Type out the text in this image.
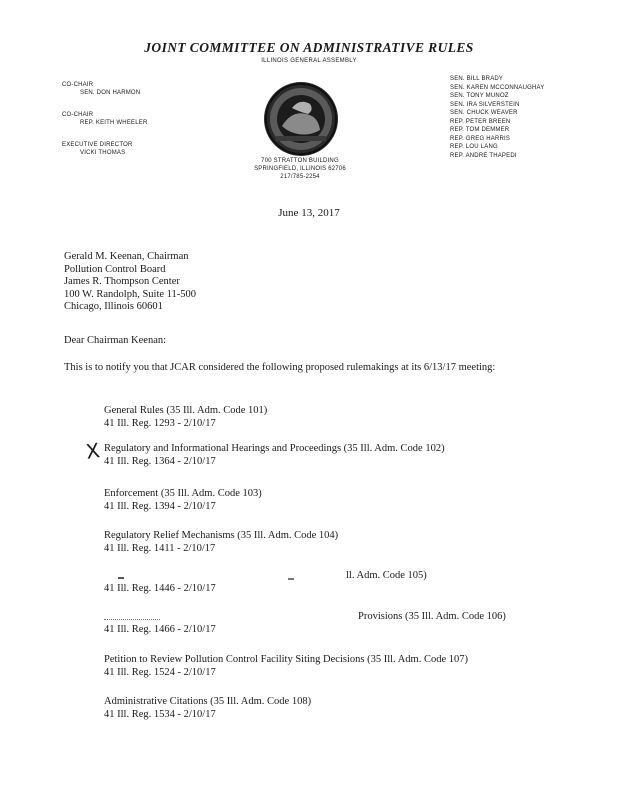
JOINT COMMITTEE ON ADMINISTRATIVE RULES
ILLINOIS GENERAL ASSEMBLY
CO-CHAIR
SEN. DON HARMON
CO-CHAIR
REP. KEITH WHEELER
EXECUTIVE DIRECTOR
VICKI THOMAS
700 STRATTON BUILDING
SPRINGFIELD, ILLINOIS 62706
217/785-2254
SEN. BILL BRADY
SEN. KAREN MCCONNAUGHAY
SEN. TONY MUNOZ
SEN. IRA SILVERSTEIN
SEN. CHUCK WEAVER
REP. PETER BREEN
REP. TOM DEMMER
REP. GREG HARRIS
REP. LOU LANG
REP. ANDRE THAPEDI
June 13, 2017
Gerald M. Keenan, Chairman
Pollution Control Board
James R. Thompson Center
100 W. Randolph, Suite 11-500
Chicago, Illinois 60601
Dear Chairman Keenan:
This is to notify you that JCAR considered the following proposed rulemakings at its 6/13/17 meeting:
General Rules (35 Ill. Adm. Code 101)
41 Ill. Reg. 1293 - 2/10/17
Regulatory and Informational Hearings and Proceedings (35 Ill. Adm. Code 102)
41 Ill. Reg. 1364 - 2/10/17
Enforcement (35 Ill. Adm. Code 103)
41 Ill. Reg. 1394 - 2/10/17
Regulatory Relief Mechanisms (35 Ill. Adm. Code 104)
41 Ill. Reg. 1411 - 2/10/17
ll. Adm. Code 105)
41 Ill. Reg. 1446 - 2/10/17
Provisions (35 Ill. Adm. Code 106)
41 Ill. Reg. 1466 - 2/10/17
Petition to Review Pollution Control Facility Siting Decisions (35 Ill. Adm. Code 107)
41 Ill. Reg. 1524 - 2/10/17
Administrative Citations (35 Ill. Adm. Code 108)
41 Ill. Reg. 1534 - 2/10/17
X
